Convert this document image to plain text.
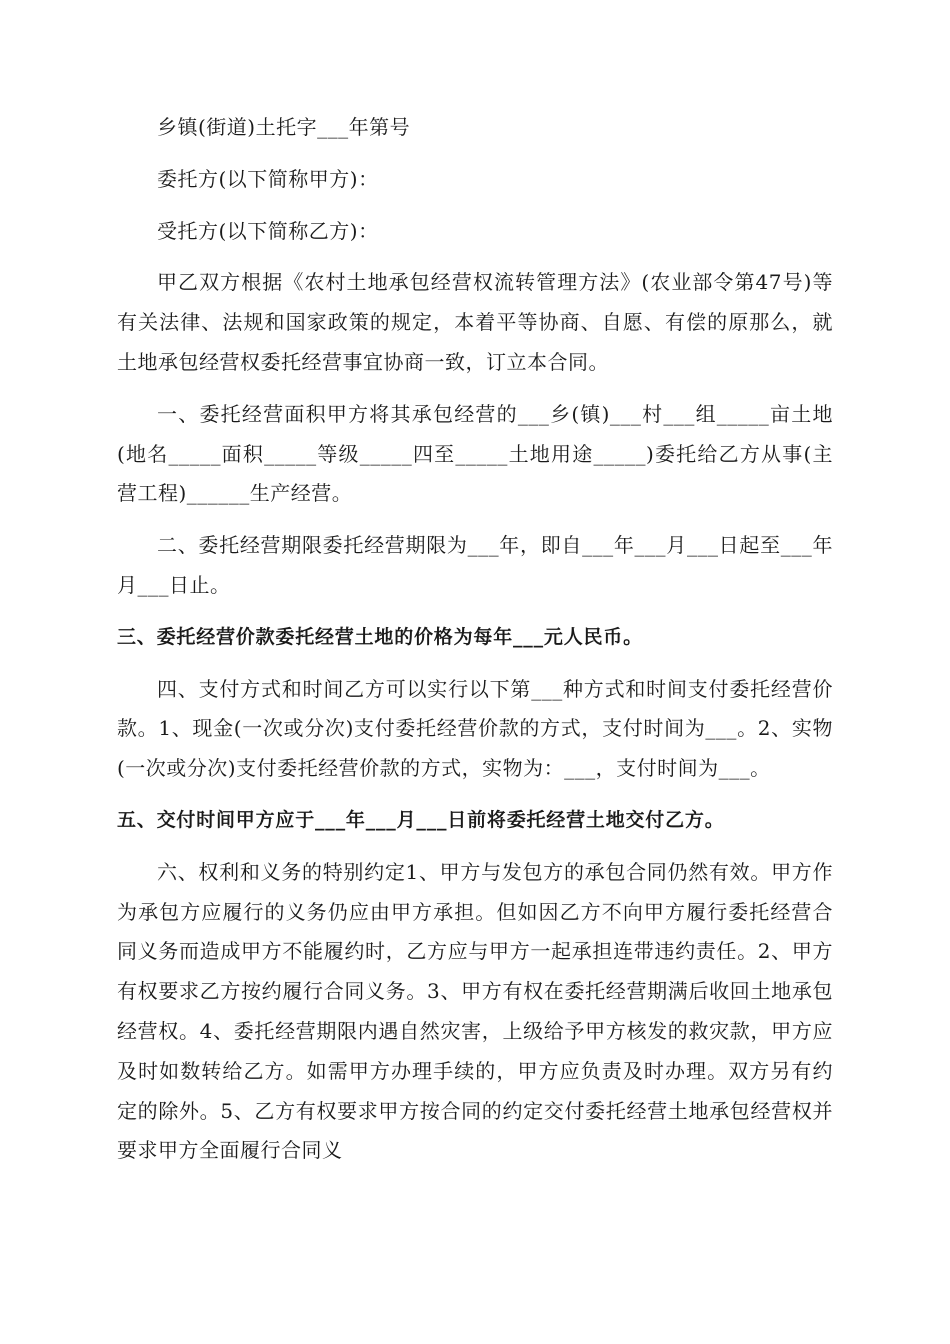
乡镇(街道)土托字___年第号

委托方(以下简称甲方)：

受托方(以下简称乙方)：

甲乙双方根据《农村土地承包经营权流转管理方法》(农业部令第47号)等有关法律、法规和国家政策的规定，本着平等协商、自愿、有偿的原那么，就土地承包经营权委托经营事宜协商一致，订立本合同。

一、委托经营面积甲方将其承包经营的___乡(镇)___村___组_____亩土地(地名_____面积_____等级_____四至_____土地用途_____)委托给乙方从事(主营工程)______生产经营。

二、委托经营期限委托经营期限为___年，即自___年___月___日起至___年月___日止。

三、委托经营价款委托经营土地的价格为每年___元人民币。

四、支付方式和时间乙方可以实行以下第___种方式和时间支付委托经营价款。1、现金(一次或分次)支付委托经营价款的方式，支付时间为___。2、实物(一次或分次)支付委托经营价款的方式，实物为：___，支付时间为___。

五、交付时间甲方应于___年___月___日前将委托经营土地交付乙方。

六、权利和义务的特别约定1、甲方与发包方的承包合同仍然有效。甲方作为承包方应履行的义务仍应由甲方承担。但如因乙方不向甲方履行委托经营合同义务而造成甲方不能履约时，乙方应与甲方一起承担连带违约责任。2、甲方有权要求乙方按约履行合同义务。3、甲方有权在委托经营期满后收回土地承包经营权。4、委托经营期限内遇自然灾害，上级给予甲方核发的救灾款，甲方应及时如数转给乙方。如需甲方办理手续的，甲方应负责及时办理。双方另有约定的除外。5、乙方有权要求甲方按合同的约定交付委托经营土地承包经营权并要求甲方全面履行合同义
